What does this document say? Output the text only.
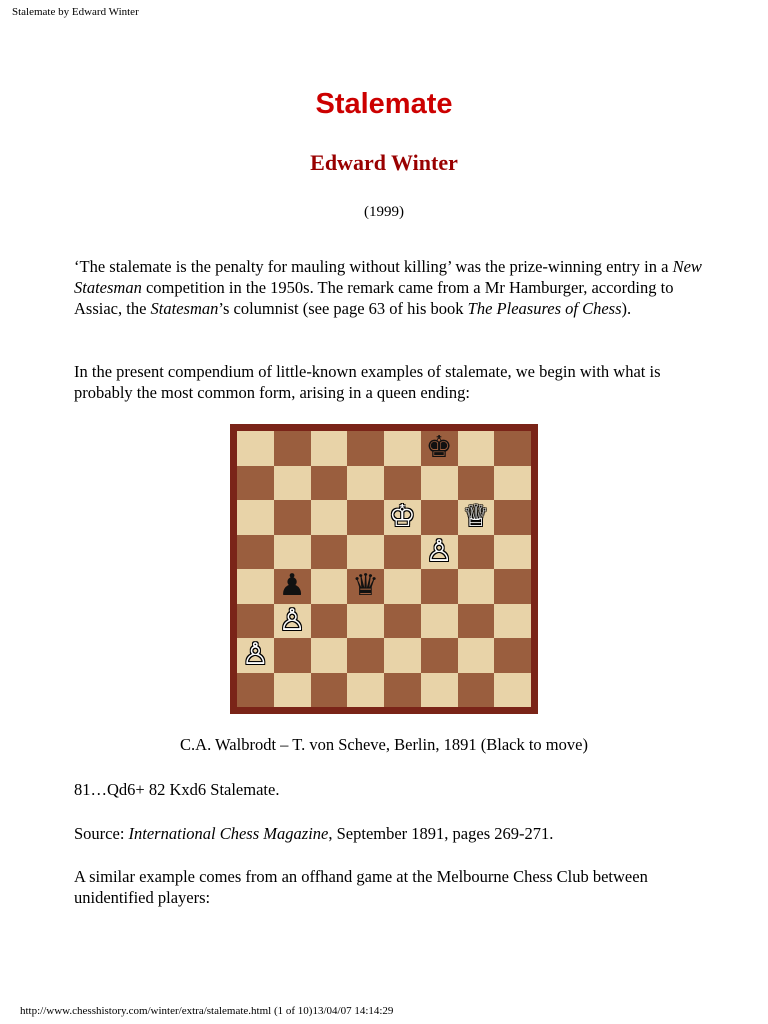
Stalemate by Edward Winter
Stalemate
Edward Winter
(1999)

‘The stalemate is the penalty for mauling without killing’ was the prize-winning entry in a New Statesman competition in the 1950s. The remark came from a Mr Hamburger, according to Assiac, the Statesman’s columnist (see page 63 of his book The Pleasures of Chess).

In the present compendium of little-known examples of stalemate, we begin with what is probably the most common form, arising in a queen ending:

♚
♔ ♕
♙
♟ ♛
♙
♙
C.A. Walbrodt – T. von Scheve, Berlin, 1891 (Black to move)

81…Qd6+ 82 Kxd6 Stalemate.

Source: International Chess Magazine, September 1891, pages 269-271.

A similar example comes from an offhand game at the Melbourne Chess Club between unidentified players:

http://www.chesshistory.com/winter/extra/stalemate.html (1 of 10)13/04/07 14:14:29
